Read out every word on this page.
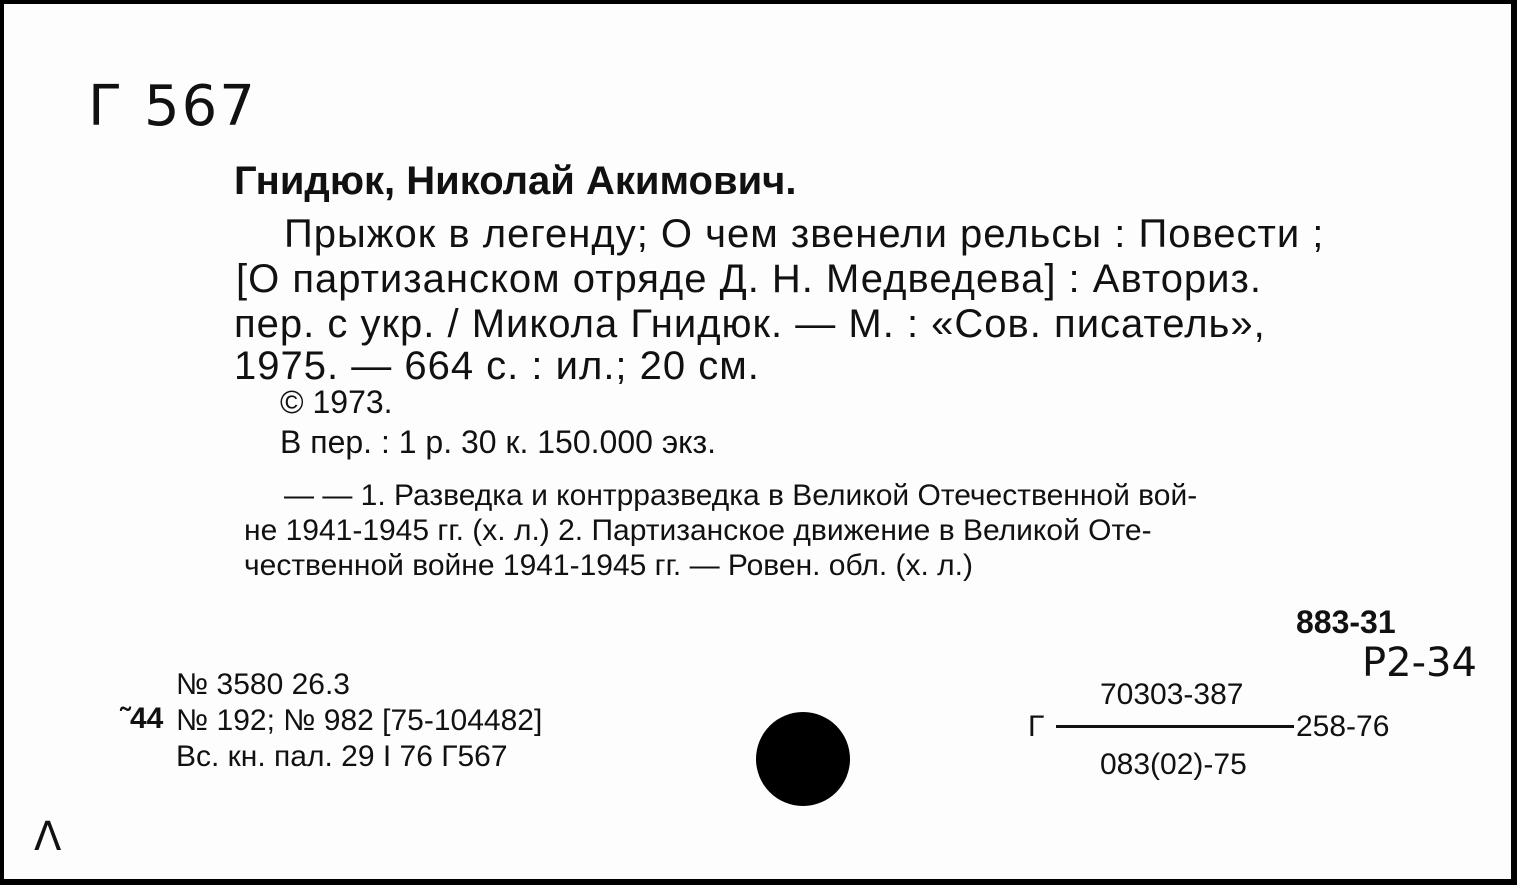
Г 567
Гнидюк, Николай Акимович.
Прыжок в легенду; О чем звенели рельсы : Повести ;
[О партизанском отряде Д. Н. Медведева] : Авториз.
пер. с укр. / Микола Гнидюк. — М. : «Сов. писатель»,
1975. — 664 с. : ил.; 20 см.
© 1973.
В пер. : 1 р. 30 к. 150.000 экз.
— — 1. Разведка и контрразведка в Великой Отечественной вой-
не 1941-1945 гг. (х. л.) 2. Партизанское движение в Великой Оте-
чественной войне 1941-1945 гг. — Ровен. обл. (х. л.)
883-31
Р2-34
˜44
№ 3580 26.3
№ 192; № 982 [75-104482]
Вс. кн. пал. 29 I 76 Г567
70303-387
Г	258-76
083(02)-75
Λ
